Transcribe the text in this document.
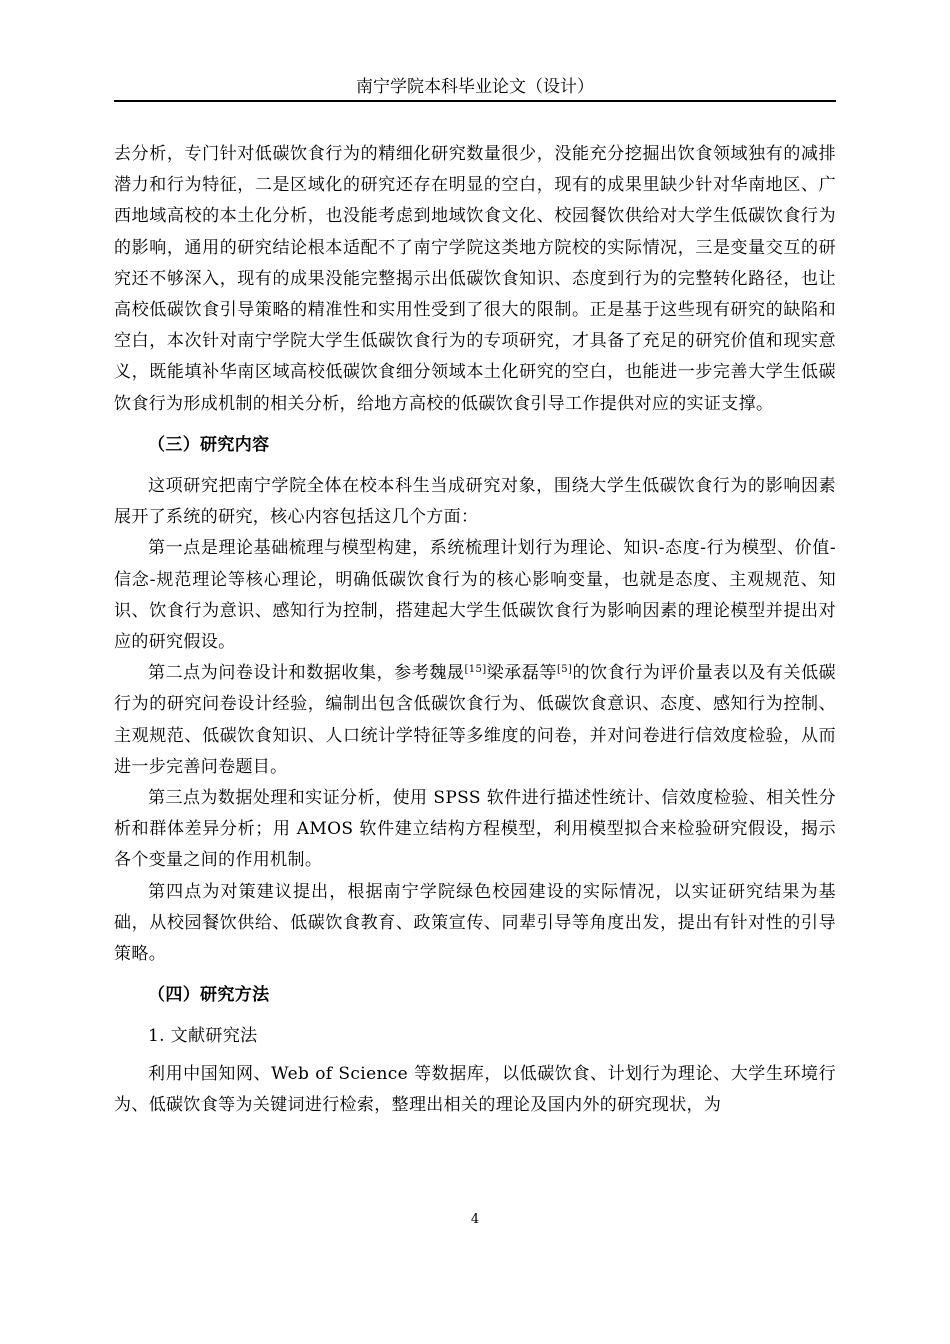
南宁学院本科毕业论文（设计）

去分析，专门针对低碳饮食行为的精细化研究数量很少，没能充分挖掘出饮食领域独有的减排潜力和行为特征，二是区域化的研究还存在明显的空白，现有的成果里缺少针对华南地区、广西地域高校的本土化分析，也没能考虑到地域饮食文化、校园餐饮供给对大学生低碳饮食行为的影响，通用的研究结论根本适配不了南宁学院这类地方院校的实际情况，三是变量交互的研究还不够深入，现有的成果没能完整揭示出低碳饮食知识、态度到行为的完整转化路径，也让高校低碳饮食引导策略的精准性和实用性受到了很大的限制。正是基于这些现有研究的缺陷和空白，本次针对南宁学院大学生低碳饮食行为的专项研究，才具备了充足的研究价值和现实意义，既能填补华南区域高校低碳饮食细分领域本土化研究的空白，也能进一步完善大学生低碳饮食行为形成机制的相关分析，给地方高校的低碳饮食引导工作提供对应的实证支撑。

（三）研究内容

这项研究把南宁学院全体在校本科生当成研究对象，围绕大学生低碳饮食行为的影响因素展开了系统的研究，核心内容包括这几个方面：

第一点是理论基础梳理与模型构建，系统梳理计划行为理论、知识-态度-行为模型、价值-信念-规范理论等核心理论，明确低碳饮食行为的核心影响变量，也就是态度、主观规范、知识、饮食行为意识、感知行为控制，搭建起大学生低碳饮食行为影响因素的理论模型并提出对应的研究假设。

第二点为问卷设计和数据收集，参考魏晟[15]梁承磊等[5]的饮食行为评价量表以及有关低碳行为的研究问卷设计经验，编制出包含低碳饮食行为、低碳饮食意识、态度、感知行为控制、主观规范、低碳饮食知识、人口统计学特征等多维度的问卷，并对问卷进行信效度检验，从而进一步完善问卷题目。

第三点为数据处理和实证分析，使用 SPSS 软件进行描述性统计、信效度检验、相关性分析和群体差异分析；用 AMOS 软件建立结构方程模型，利用模型拟合来检验研究假设，揭示各个变量之间的作用机制。

第四点为对策建议提出，根据南宁学院绿色校园建设的实际情况，以实证研究结果为基础，从校园餐饮供给、低碳饮食教育、政策宣传、同辈引导等角度出发，提出有针对性的引导策略。

（四）研究方法

1. 文献研究法

利用中国知网、Web of Science 等数据库，以低碳饮食、计划行为理论、大学生环境行为、低碳饮食等为关键词进行检索，整理出相关的理论及国内外的研究现状，为

4
